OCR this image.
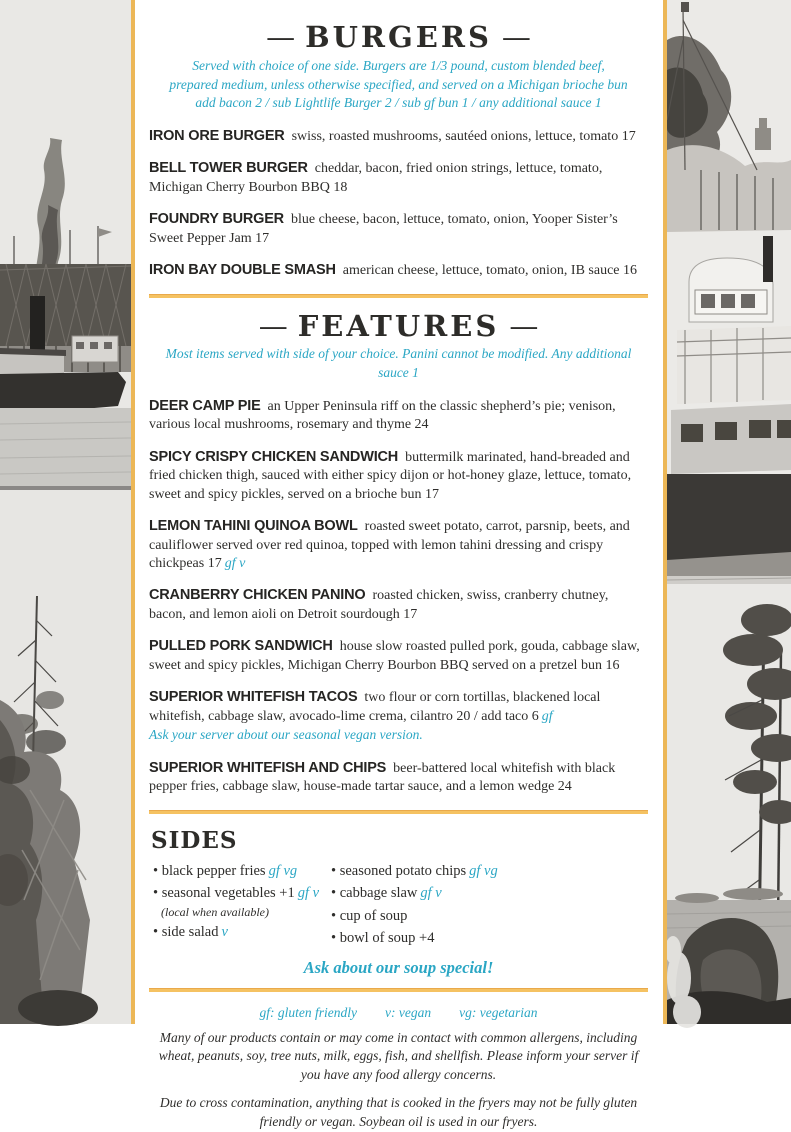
— BURGERS —
Served with choice of one side. Burgers are 1/3 pound, custom blended beef,
prepared medium, unless otherwise specified, and served on a Michigan brioche bun
add bacon 2 / sub Lightlife Burger 2 / sub gf bun 1 / any additional sauce 1

IRON ORE BURGER swiss, roasted mushrooms, sautéed onions, lettuce, tomato 17

BELL TOWER BURGER cheddar, bacon, fried onion strings, lettuce, tomato, Michigan Cherry Bourbon BBQ 18

FOUNDRY BURGER blue cheese, bacon, lettuce, tomato, onion, Yooper Sister’s Sweet Pepper Jam 17

IRON BAY DOUBLE SMASH american cheese, lettuce, tomato, onion, IB sauce 16

— FEATURES —
Most items served with side of your choice. Panini cannot be modified. Any additional sauce 1

DEER CAMP PIE an Upper Peninsula riff on the classic shepherd’s pie; venison, various local mushrooms, rosemary and thyme 24

SPICY CRISPY CHICKEN SANDWICH buttermilk marinated, hand-breaded and fried chicken thigh, sauced with either spicy dijon or hot-honey glaze, lettuce, tomato, sweet and spicy pickles, served on a brioche bun 17

LEMON TAHINI QUINOA BOWL roasted sweet potato, carrot, parsnip, beets, and cauliflower served over red quinoa, topped with lemon tahini dressing and crispy chickpeas 17 gf v

CRANBERRY CHICKEN PANINO roasted chicken, swiss, cranberry chutney, bacon, and lemon aioli on Detroit sourdough 17

PULLED PORK SANDWICH house slow roasted pulled pork, gouda, cabbage slaw, sweet and spicy pickles, Michigan Cherry Bourbon BBQ served on a pretzel bun 16

SUPERIOR WHITEFISH TACOS two flour or corn tortillas, blackened local whitefish, cabbage slaw, avocado-lime crema, cilantro 20 / add taco 6 gf
Ask your server about our seasonal vegan version.

SUPERIOR WHITEFISH AND CHIPS beer-battered local whitefish with black pepper fries, cabbage slaw, house-made tartar sauce, and a lemon wedge 24

SIDES
• black pepper fries gf vg
• seasonal vegetables +1 gf v
(local when available)
• side salad v
• seasoned potato chips gf vg
• cabbage slaw gf v
• cup of soup
• bowl of soup +4
Ask about our soup special!
gf: gluten friendly v: vegan vg: vegetarian

Many of our products contain or may come in contact with common allergens, including wheat, peanuts, soy, tree nuts, milk, eggs, fish, and shellfish. Please inform your server if you have any food allergy concerns.

Due to cross contamination, anything that is cooked in the fryers may not be fully gluten friendly or vegan. Soybean oil is used in our fryers.
